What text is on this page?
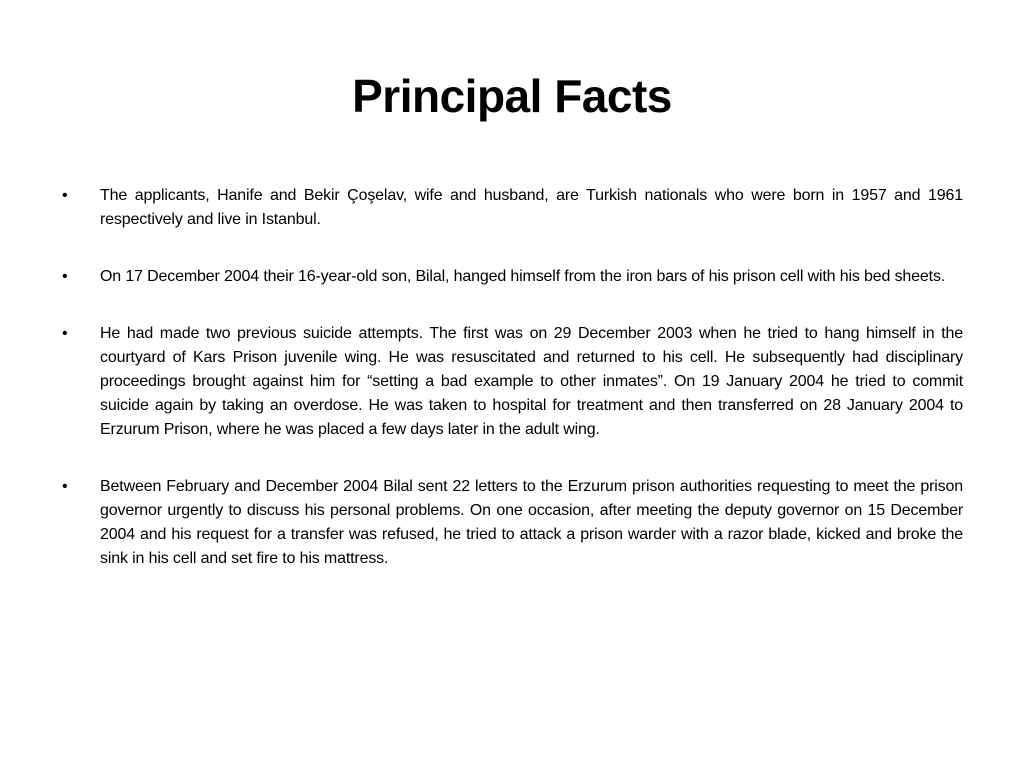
Principal Facts
•	The applicants, Hanife and Bekir Çoşelav, wife and husband, are Turkish nationals who were born in 1957 and 1961 respectively and live in Istanbul.
•	On 17 December 2004 their 16-year-old son, Bilal, hanged himself from the iron bars of his prison cell with his bed sheets.
•	He had made two previous suicide attempts. The first was on 29 December 2003 when he tried to hang himself in the courtyard of Kars Prison juvenile wing. He was resuscitated and returned to his cell. He subsequently had disciplinary proceedings brought against him for “setting a bad example to other inmates”. On 19 January 2004 he tried to commit suicide again by taking an overdose. He was taken to hospital for treatment and then transferred on 28 January 2004 to Erzurum Prison, where he was placed a few days later in the adult wing.
•	Between February and December 2004 Bilal sent 22 letters to the Erzurum prison authorities requesting to meet the prison governor urgently to discuss his personal problems. On one occasion, after meeting the deputy governor on 15 December 2004 and his request for a transfer was refused, he tried to attack a prison warder with a razor blade, kicked and broke the sink in his cell and set fire to his mattress.
